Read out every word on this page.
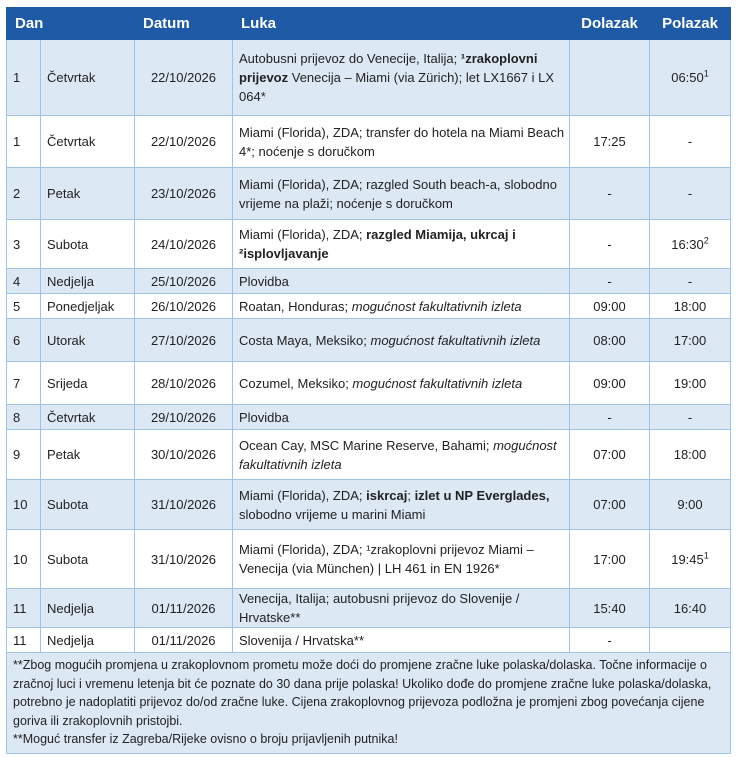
Dan		Datum	Luka	Dolazak	Polazak
1	Četvrtak	22/10/2026	Autobusni prijevoz do Venecije, Italija; ¹zrakoplovni prijevoz Venecija – Miami (via Zürich); let LX1667 i LX 064*		$06:50^1$
1	Četvrtak	22/10/2026	Miami (Florida), ZDA; transfer do hotela na Miami Beach 4*; noćenje s doručkom	17:25	-
2	Petak	23/10/2026	Miami (Florida), ZDA; razgled South beach-a, slobodno vrijeme na plaži; noćenje s doručkom	-	-
3	Subota	24/10/2026	Miami (Florida), ZDA; razgled Miamija, ukrcaj i ²isplovljavanje	-	$16:30^2$
4	Nedjelja	25/10/2026	Plovidba	-	-
5	Ponedjeljak	26/10/2026	Roatan, Honduras; mogućnost fakultativnih izleta	09:00	18:00
6	Utorak	27/10/2026	Costa Maya, Meksiko; mogućnost fakultativnih izleta	08:00	17:00
7	Srijeda	28/10/2026	Cozumel, Meksiko; mogućnost fakultativnih izleta	09:00	19:00
8	Četvrtak	29/10/2026	Plovidba	-	-
9	Petak	30/10/2026	Ocean Cay, MSC Marine Reserve, Bahami; mogućnost fakultativnih izleta	07:00	18:00
10	Subota	31/10/2026	Miami (Florida), ZDA; iskrcaj; izlet u NP Everglades, slobodno vrijeme u marini Miami	07:00	9:00
10	Subota	31/10/2026	Miami (Florida), ZDA; ¹zrakoplovni prijevoz Miami – Venecija (via München) | LH 461 in EN 1926*	17:00	$19:45^1$
11	Nedjelja	01/11/2026	Venecija, Italija; autobusni prijevoz do Slovenije / Hrvatske**	15:40	16:40
11	Nedjelja	01/11/2026	Slovenija / Hrvatska**	-	

**Zbog mogućih promjena u zrakoplovnom prometu može doći do promjene zračne luke polaska/dolaska. Točne informacije o zračnoj luci i vremenu letenja bit će poznate do 30 dana prije polaska! Ukoliko dođe do promjene zračne luke polaska/dolaska, potrebno je nadoplatiti prijevoz do/od zračne luke. Cijena zrakoplovnog prijevoza podložna je promjeni zbog povećanja cijene goriva ili zrakoplovnih pristojbi.
**Moguć transfer iz Zagreba/Rijeke ovisno o broju prijavljenih putnika!					
